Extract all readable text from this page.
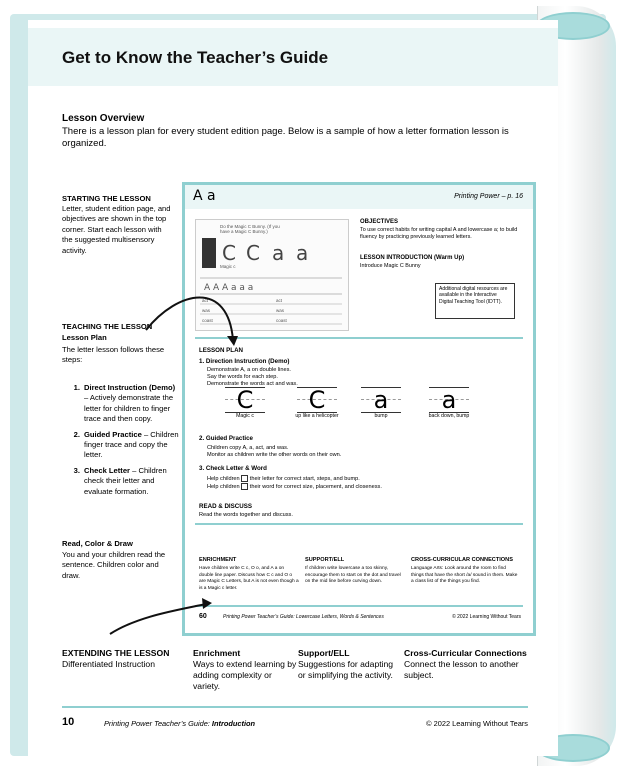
Get to Know the Teacher’s Guide
Lesson Overview
There is a lesson plan for every student edition page. Below is a sample of how a letter formation lesson is organized.
STARTING THE LESSON
Letter, student edition page, and objectives are shown in the top corner. Start each lesson with the suggested multisensory activity.
TEACHING THE LESSON
Lesson Plan
The letter lesson follows these steps:
1. Direct Instruction (Demo) – Actively demonstrate the letter for children to finger trace and then copy.
2. Guided Practice – Children finger trace and copy the letter.
3. Check Letter – Children check their letter and evaluate formation.
Read, Color & Draw
You and your children read the sentence. Children color and draw.
A a	Printing Power – p. 16
Do the Magic C Bunny. (If you have a Magic C Bunny.)
C C a a
A A A a a a
Magic c
act	act
was	was
coast	coast
OBJECTIVES
To use correct habits for writing capital A and lowercase a; to build fluency by practicing previously learned letters.
LESSON INTRODUCTION (Warm Up)
Introduce Magic C Bunny
Additional digital resources are available in the Interactive Digital Teaching Tool (IDTT).
LESSON PLAN
1. Direction Instruction (Demo)
Demonstrate A, a on double lines.
Say the words for each step.
Demonstrate the words act and was.
C C a a
Magic c	up like a helicopter	bump	back down, bump
2. Guided Practice
Children copy A, a, act, and was.
Monitor as children write the other words on their own.
3. Check Letter & Word
Help children  their letter for correct start, steps, and bump.
Help children  their word for correct size, placement, and closeness.
READ & DISCUSS
Read the words together and discuss.
ENRICHMENT
Have children write C c, O o, and A a on double line paper. Discuss how C c and O o are Magic C Letters, but A is not even though a is a Magic c letter.
SUPPORT/ELL
If children write lowercase a too skinny, encourage them to start on the dot and travel on the mid line before curving down.
CROSS-CURRICULAR CONNECTIONS
Language Arts: Look around the room to find things that have the short /a/ sound in them. Make a class list of the things you find.
60	Printing Power Teacher’s Guide: Lowercase Letters, Words & Sentences	© 2022 Learning Without Tears
EXTENDING THE LESSON
Differentiated Instruction
Enrichment
Ways to extend learning by adding complexity or variety.
Support/ELL
Suggestions for adapting or simplifying the activity.
Cross-Curricular Connections
Connect the lesson to another subject.
10	Printing Power Teacher’s Guide: Introduction	© 2022 Learning Without Tears
